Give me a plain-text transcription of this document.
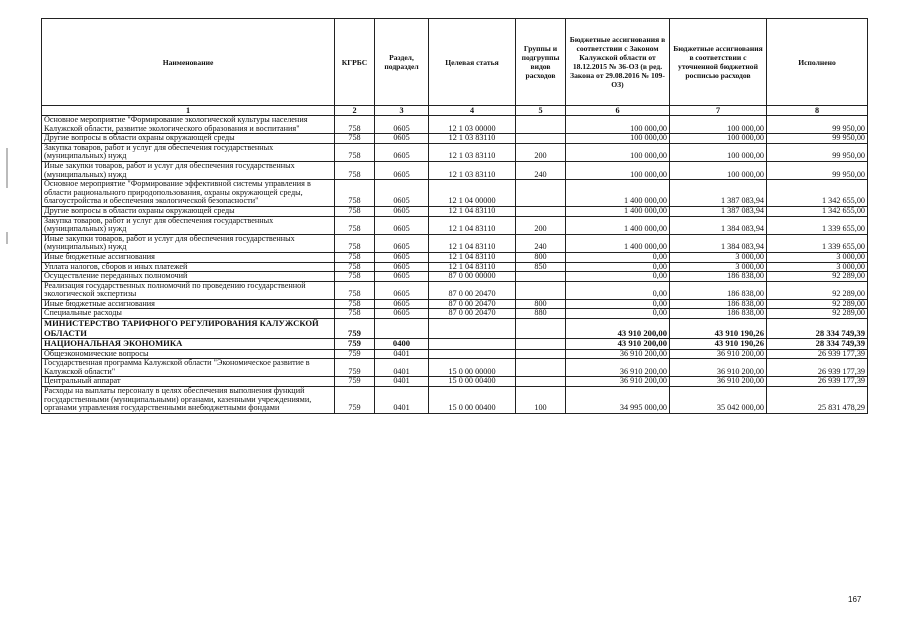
Наименование	КГРБС	Раздел, подраздел	Целевая статья	Группы и подгруппы видов расходов	Бюджетные ассигнования в соответствии с Законом Калужской области от 18.12.2015 № 36-ОЗ (в ред. Закона от 29.08.2016 № 109-ОЗ)	Бюджетные ассигнования в соответствии с уточненной бюджетной росписью расходов	Исполнено
1	2	3	4	5	6	7	8
Основное мероприятие "Формирование экологической культуры населения Калужской области, развитие экологического образования и воспитания"	758	0605	12 1 03 00000		100 000,00	100 000,00	99 950,00
Другие вопросы в области охраны окружающей среды	758	0605	12 1 03 83110		100 000,00	100 000,00	99 950,00
Закупка товаров, работ и услуг для обеспечения государственных (муниципальных) нужд	758	0605	12 1 03 83110	200	100 000,00	100 000,00	99 950,00
Иные закупки товаров, работ и услуг для обеспечения государственных (муниципальных) нужд	758	0605	12 1 03 83110	240	100 000,00	100 000,00	99 950,00
Основное мероприятие "Формирование эффективной системы управления в области рационального природопользования, охраны окружающей среды, благоустройства и обеспечения экологической безопасности"	758	0605	12 1 04 00000		1 400 000,00	1 387 083,94	1 342 655,00
Другие вопросы в области охраны окружающей среды	758	0605	12 1 04 83110		1 400 000,00	1 387 083,94	1 342 655,00
Закупка товаров, работ и услуг для обеспечения государственных (муниципальных) нужд	758	0605	12 1 04 83110	200	1 400 000,00	1 384 083,94	1 339 655,00
Иные закупки товаров, работ и услуг для обеспечения государственных (муниципальных) нужд	758	0605	12 1 04 83110	240	1 400 000,00	1 384 083,94	1 339 655,00
Иные бюджетные ассигнования	758	0605	12 1 04 83110	800	0,00	3 000,00	3 000,00
Уплата налогов, сборов и иных платежей	758	0605	12 1 04 83110	850	0,00	3 000,00	3 000,00
Осуществление переданных полномочий	758	0605	87 0 00 00000		0,00	186 838,00	92 289,00
Реализация государственных полномочий по проведению государственной экологической экспертизы	758	0605	87 0 00 20470		0,00	186 838,00	92 289,00
Иные бюджетные ассигнования	758	0605	87 0 00 20470	800	0,00	186 838,00	92 289,00
Специальные расходы	758	0605	87 0 00 20470	880	0,00	186 838,00	92 289,00
МИНИСТЕРСТВО ТАРИФНОГО РЕГУЛИРОВАНИЯ КАЛУЖСКОЙ ОБЛАСТИ	759				43 910 200,00	43 910 190,26	28 334 749,39
НАЦИОНАЛЬНАЯ ЭКОНОМИКА	759	0400			43 910 200,00	43 910 190,26	28 334 749,39
Общеэкономические вопросы	759	0401			36 910 200,00	36 910 200,00	26 939 177,39
Государственная программа Калужской области "Экономическое развитие в Калужской области"	759	0401	15 0 00 00000		36 910 200,00	36 910 200,00	26 939 177,39
Центральный аппарат	759	0401	15 0 00 00400		36 910 200,00	36 910 200,00	26 939 177,39
Расходы на выплаты персоналу в целях обеспечения выполнения функций государственными (муниципальными) органами, казенными учреждениями, органами управления государственными внебюджетными фондами	759	0401	15 0 00 00400	100	34 995 000,00	35 042 000,00	25 831 478,29
167
